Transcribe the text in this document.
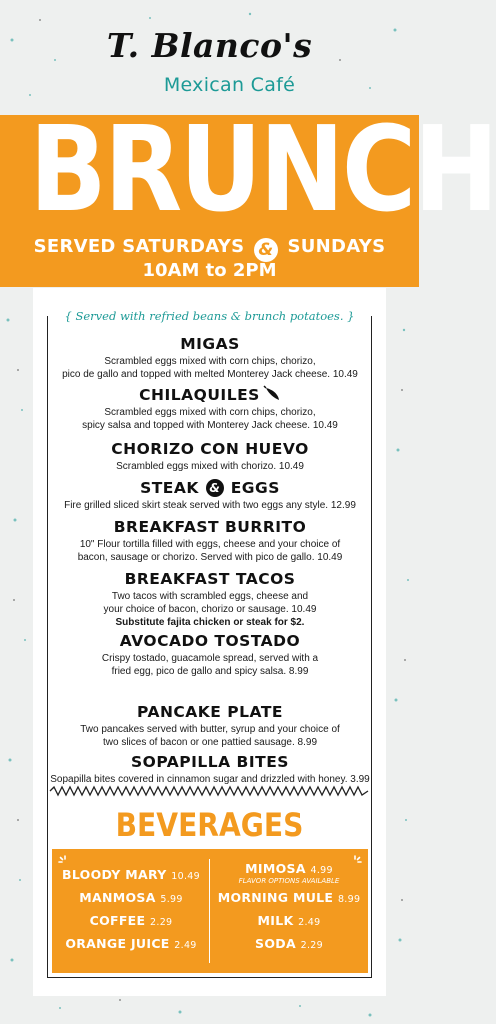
T. Blanco's
Mexican Café
BRUNCH
SERVED SATURDAYS & SUNDAYS
10AM to 2PM
{ Served with refried beans & brunch potatoes. }
MIGAS
Scrambled eggs mixed with corn chips, chorizo,
pico de gallo and topped with melted Monterey Jack cheese. 10.49
CHILAQUILES
Scrambled eggs mixed with corn chips, chorizo,
spicy salsa and topped with Monterey Jack cheese. 10.49
CHORIZO CON HUEVO
Scrambled eggs mixed with chorizo. 10.49
STEAK & EGGS
Fire grilled sliced skirt steak served with two eggs any style. 12.99
BREAKFAST BURRITO
10" Flour tortilla filled with eggs, cheese and your choice of
bacon, sausage or chorizo. Served with pico de gallo. 10.49
BREAKFAST TACOS
Two tacos with scrambled eggs, cheese and
your choice of bacon, chorizo or sausage. 10.49
Substitute fajita chicken or steak for $2.
AVOCADO TOSTADO
Crispy tostado, guacamole spread, served with a
fried egg, pico de gallo and spicy salsa. 8.99
PANCAKE PLATE
Two pancakes served with butter, syrup and your choice of
two slices of bacon or one pattied sausage. 8.99
SOPAPILLA BITES
Sopapilla bites covered in cinnamon sugar and drizzled with honey. 3.99
BEVERAGES
BLOODY MARY 10.49
MANMOSA 5.99
COFFEE 2.29
ORANGE JUICE 2.49
MIMOSA 4.99
FLAVOR OPTIONS AVAILABLE
MORNING MULE 8.99
MILK 2.49
SODA 2.29
